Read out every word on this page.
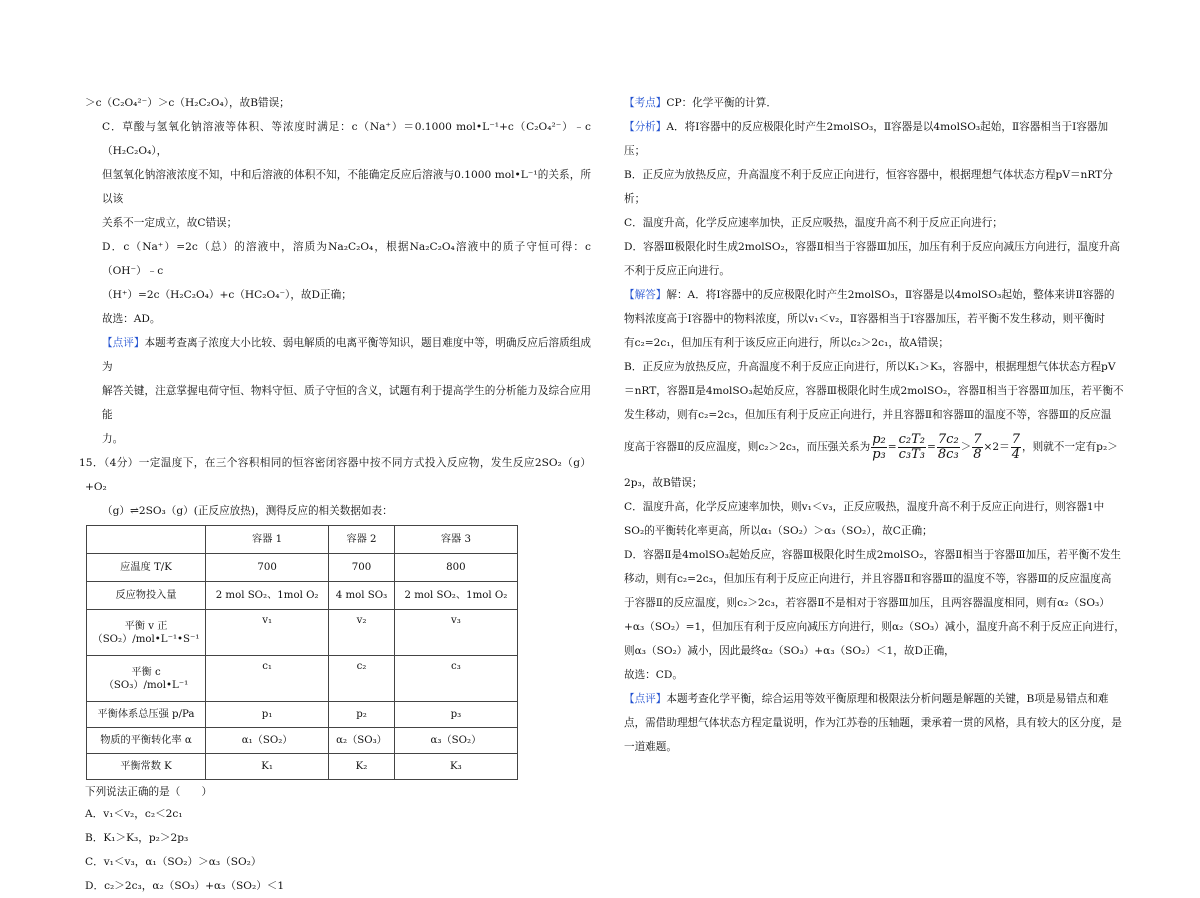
＞c（C₂O₄²⁻）＞c（H₂C₂O₄），故B错误；

C．草酸与氢氧化钠溶液等体积、等浓度时满足：c（Na⁺）＝0.1000 mol•L⁻¹+c（C₂O₄²⁻）﹣c（H₂C₂O₄），

但氢氧化钠溶液浓度不知，中和后溶液的体积不知，不能确定反应后溶液与0.1000 mol•L⁻¹的关系，所以该

关系不一定成立，故C错误；

D．c（Na⁺）=2c（总）的溶液中，溶质为Na₂C₂O₄，根据Na₂C₂O₄溶液中的质子守恒可得：c（OH⁻）﹣c

（H⁺）=2c（H₂C₂O₄）+c（HC₂O₄⁻），故D正确；

故选：AD。

【点评】本题考查离子浓度大小比较、弱电解质的电离平衡等知识，题目难度中等，明确反应后溶质组成为

解答关键，注意掌握电荷守恒、物料守恒、质子守恒的含义，试题有利于提高学生的分析能力及综合应用能

力。

15．（4分）一定温度下，在三个容积相同的恒容密闭容器中按不同方式投入反应物，发生反应2SO₂（g）+O₂

（g）⇌2SO₃（g）(正反应放热)，测得反应的相关数据如表：

	容器 1	容器 2	容器 3
应温度 T/K	700	700	800
反应物投入量	2 mol SO₂、1mol O₂	4 mol SO₃	2 mol SO₂、1mol O₂
平衡 v 正（SO₂）/mol•L⁻¹•S⁻¹	v₁	v₂	v₃
平衡 c（SO₃）/mol•L⁻¹	c₁	c₂	c₃
平衡体系总压强 p/Pa	p₁	p₂	p₃
物质的平衡转化率 α	α₁（SO₂）	α₂（SO₃）	α₃（SO₂）
平衡常数 K	K₁	K₂	K₃

下列说法正确的是（　　）

A．v₁＜v₂，c₂＜2c₁

B．K₁＞K₃，p₂＞2p₃

C．v₁＜v₃，α₁（SO₂）＞α₃（SO₂）

D．c₂＞2c₃，α₂（SO₃）+α₃（SO₂）＜1

【考点】CP：化学平衡的计算．

【分析】A．将Ⅰ容器中的反应极限化时产生2molSO₃，Ⅱ容器是以4molSO₃起始，Ⅱ容器相当于Ⅰ容器加

压；

B．正反应为放热反应，升高温度不利于反应正向进行，恒容容器中，根据理想气体状态方程pV＝nRT分

析；

C．温度升高，化学反应速率加快，正反应吸热，温度升高不利于反应正向进行；

D．容器Ⅲ极限化时生成2molSO₂，容器Ⅱ相当于容器Ⅲ加压，加压有利于反应向减压方向进行，温度升高

不利于反应正向进行。

【解答】解：A．将Ⅰ容器中的反应极限化时产生2molSO₃，Ⅱ容器是以4molSO₃起始，整体来讲Ⅱ容器的

物料浓度高于Ⅰ容器中的物料浓度，所以v₁＜v₂，Ⅱ容器相当于Ⅰ容器加压，若平衡不发生移动，则平衡时

有c₂=2c₁，但加压有利于该反应正向进行，所以c₂＞2c₁，故A错误；

B．正反应为放热反应，升高温度不利于反应正向进行，所以K₁＞K₃，容器中，根据理想气体状态方程pV

＝nRT，容器Ⅱ是4molSO₃起始反应，容器Ⅲ极限化时生成2molSO₂，容器Ⅱ相当于容器Ⅲ加压，若平衡不

发生移动，则有c₂=2c₃，但加压有利于反应正向进行，并且容器Ⅱ和容器Ⅲ的温度不等，容器Ⅲ的反应温

度高于容器Ⅱ的反应温度，则c₂＞2c₃，而压强关系为 $\frac{\text{p₂}}{\text{p₃}} = \frac{\text{c₂T₂}}{\text{c₃T₃}} = \frac{\text{7c₂}}{\text{8c₃}} > \frac{7}{8} \times 2= \frac{7}{4}$ ，则就不一定有p₂＞

2p₃，故B错误；

C．温度升高，化学反应速率加快，则v₁＜v₃，正反应吸热，温度升高不利于反应正向进行，则容器1中

SO₂的平衡转化率更高，所以α₁（SO₂）＞α₃（SO₂），故C正确；

D．容器Ⅱ是4molSO₃起始反应，容器Ⅲ极限化时生成2molSO₂，容器Ⅱ相当于容器Ⅲ加压，若平衡不发生

移动，则有c₂=2c₃，但加压有利于反应正向进行，并且容器Ⅱ和容器Ⅲ的温度不等，容器Ⅲ的反应温度高

于容器Ⅱ的反应温度，则c₂＞2c₃，若容器Ⅱ不是相对于容器Ⅲ加压，且两容器温度相同，则有α₂（SO₃）

+α₃（SO₂）=1，但加压有利于反应向减压方向进行，则α₂（SO₃）减小，温度升高不利于反应正向进行，

则α₃（SO₂）减小，因此最终α₂（SO₃）+α₃（SO₂）＜1，故D正确，

故选：CD。

【点评】本题考查化学平衡，综合运用等效平衡原理和极限法分析问题是解题的关键，B项是易错点和难

点，需借助理想气体状态方程定量说明，作为江苏卷的压轴题，秉承着一贯的风格，具有较大的区分度，是

一道难题。
